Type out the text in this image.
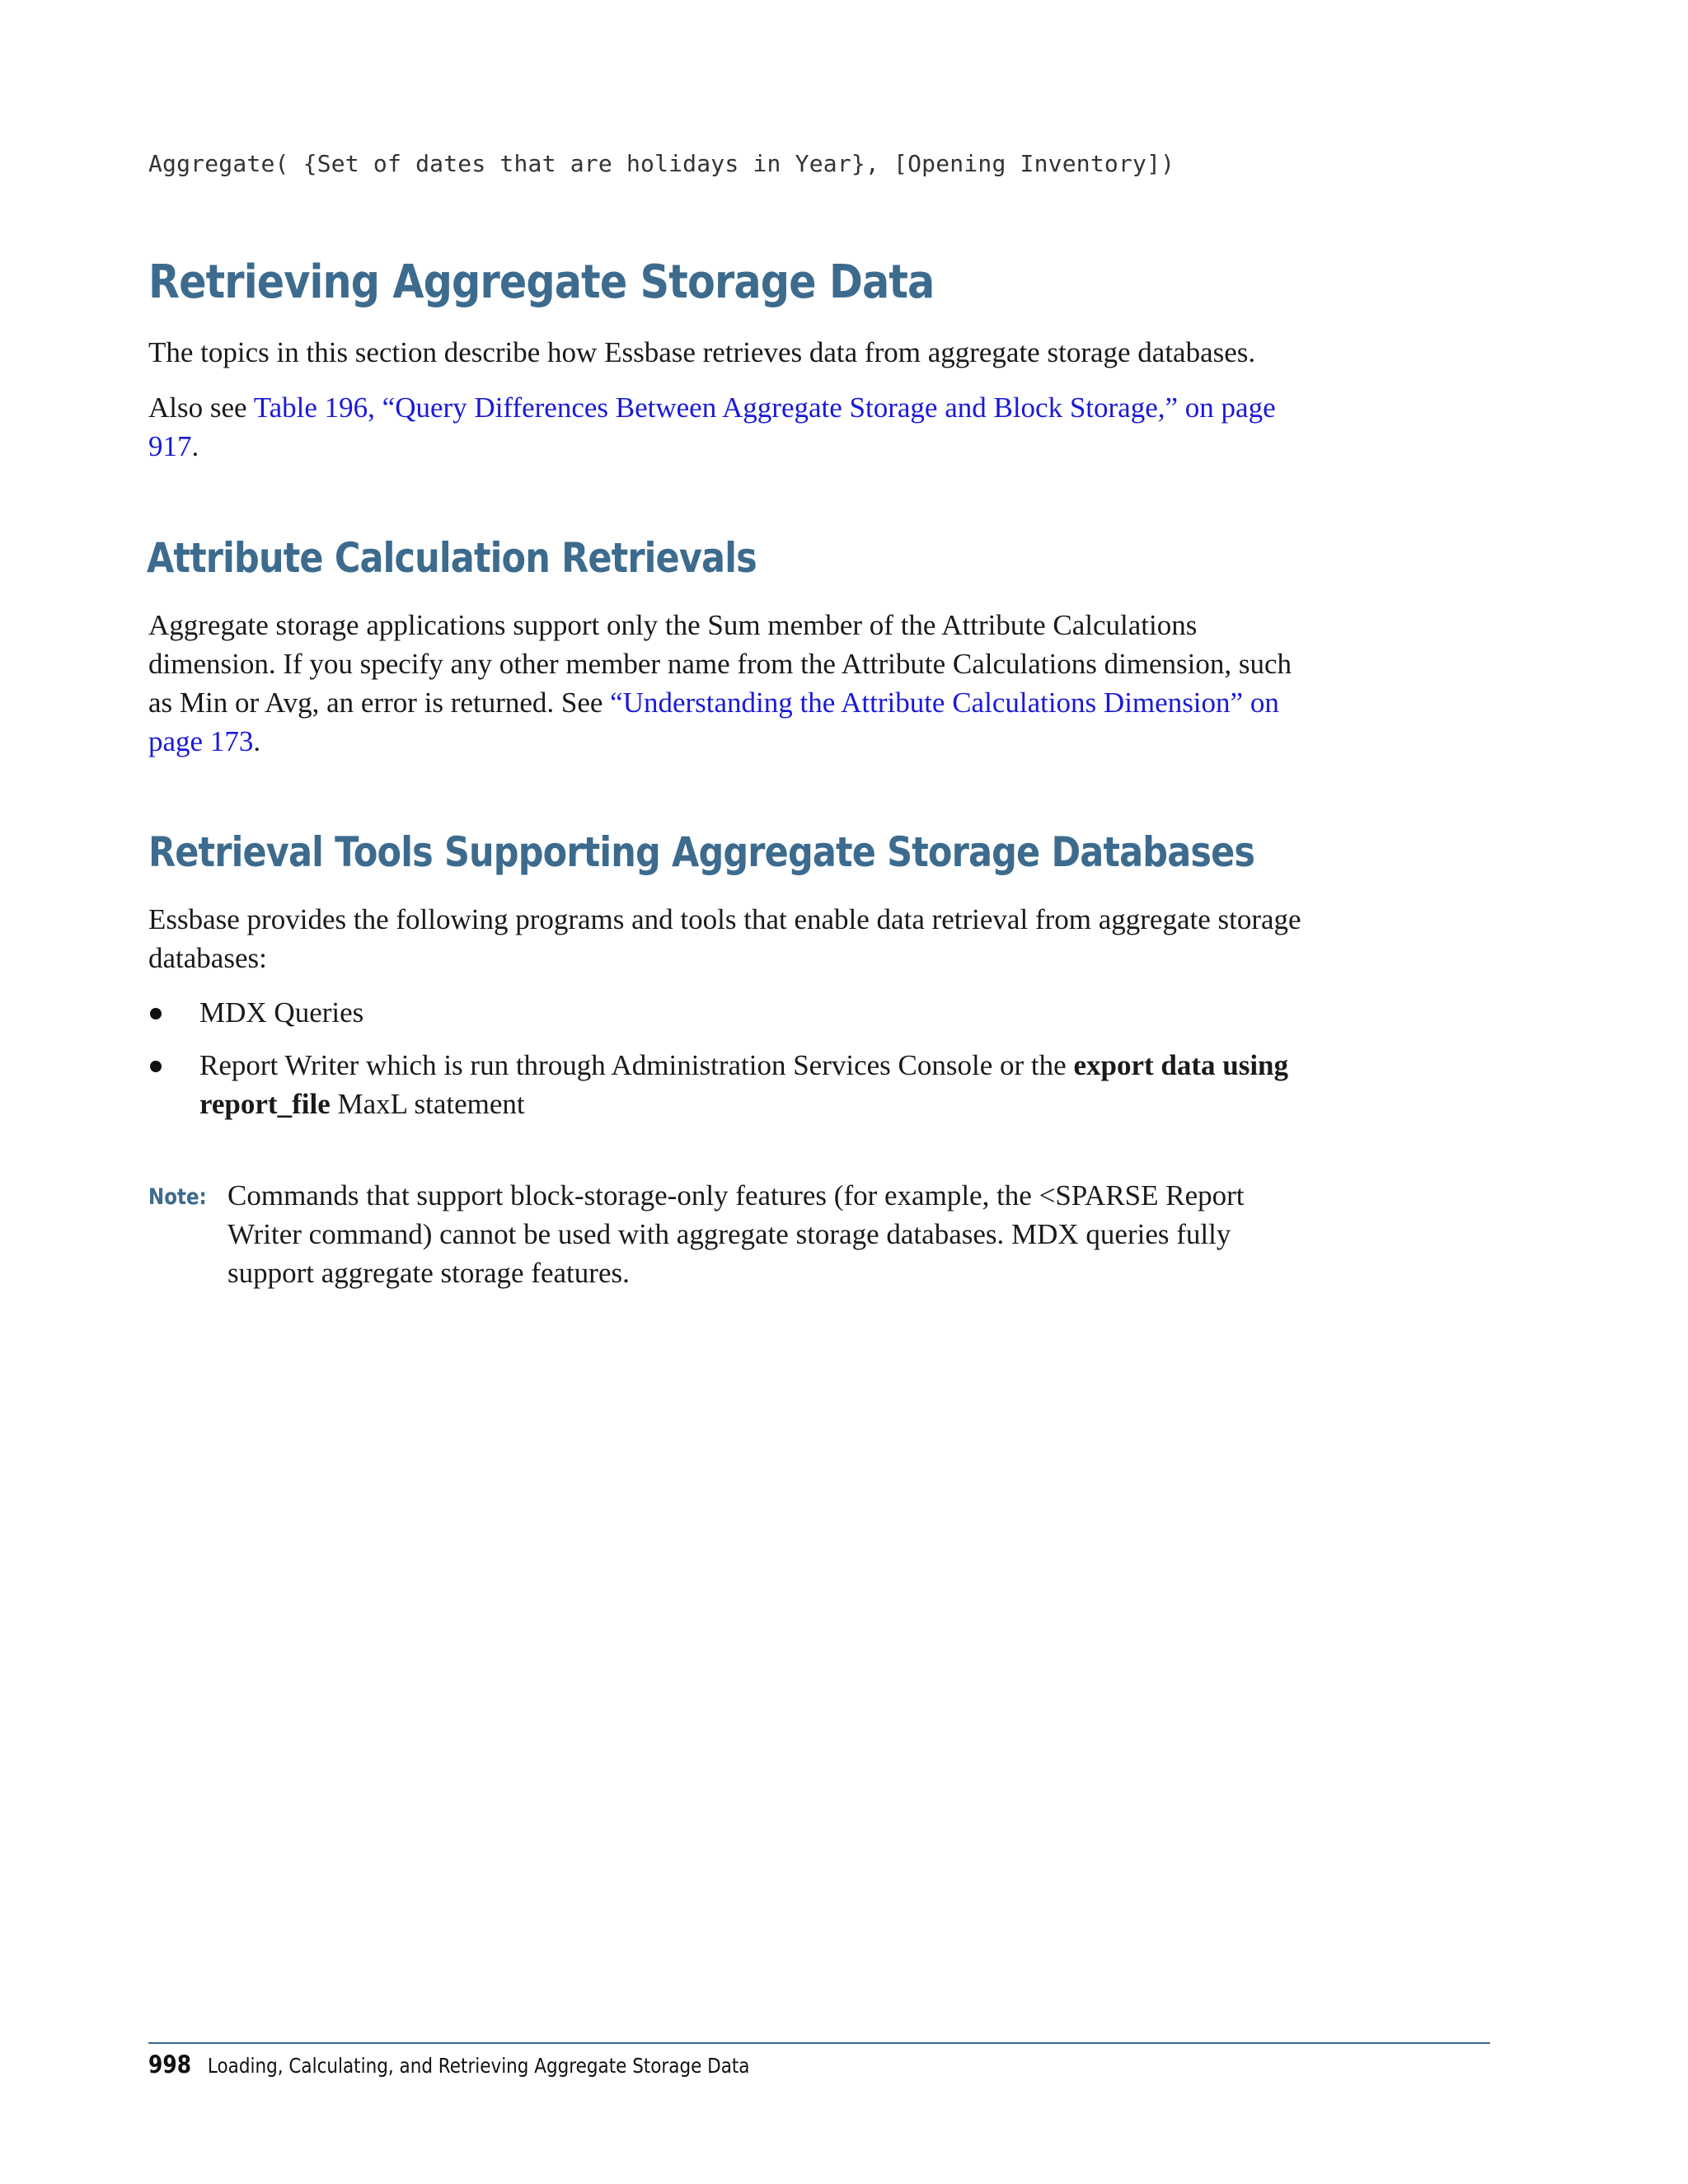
Aggregate( {Set of dates that are holidays in Year}, [Opening Inventory])
Retrieving Aggregate Storage Data

The topics in this section describe how Essbase retrieves data from aggregate storage databases.

Also see Table 196, “Query Differences Between Aggregate Storage and Block Storage,” on page 917.

Attribute Calculation Retrievals

Aggregate storage applications support only the Sum member of the Attribute Calculations dimension. If you specify any other member name from the Attribute Calculations dimension, such as Min or Avg, an error is returned. See “Understanding the Attribute Calculations Dimension” on page 173.

Retrieval Tools Supporting Aggregate Storage Databases

Essbase provides the following programs and tools that enable data retrieval from aggregate storage databases:

MDX Queries
Report Writer which is run through Administration Services Console or the export data using report_file MaxL statement
Note: Commands that support block-storage-only features (for example, the <SPARSE Report Writer command) cannot be used with aggregate storage databases. MDX queries fully support aggregate storage features.
998 Loading, Calculating, and Retrieving Aggregate Storage Data
